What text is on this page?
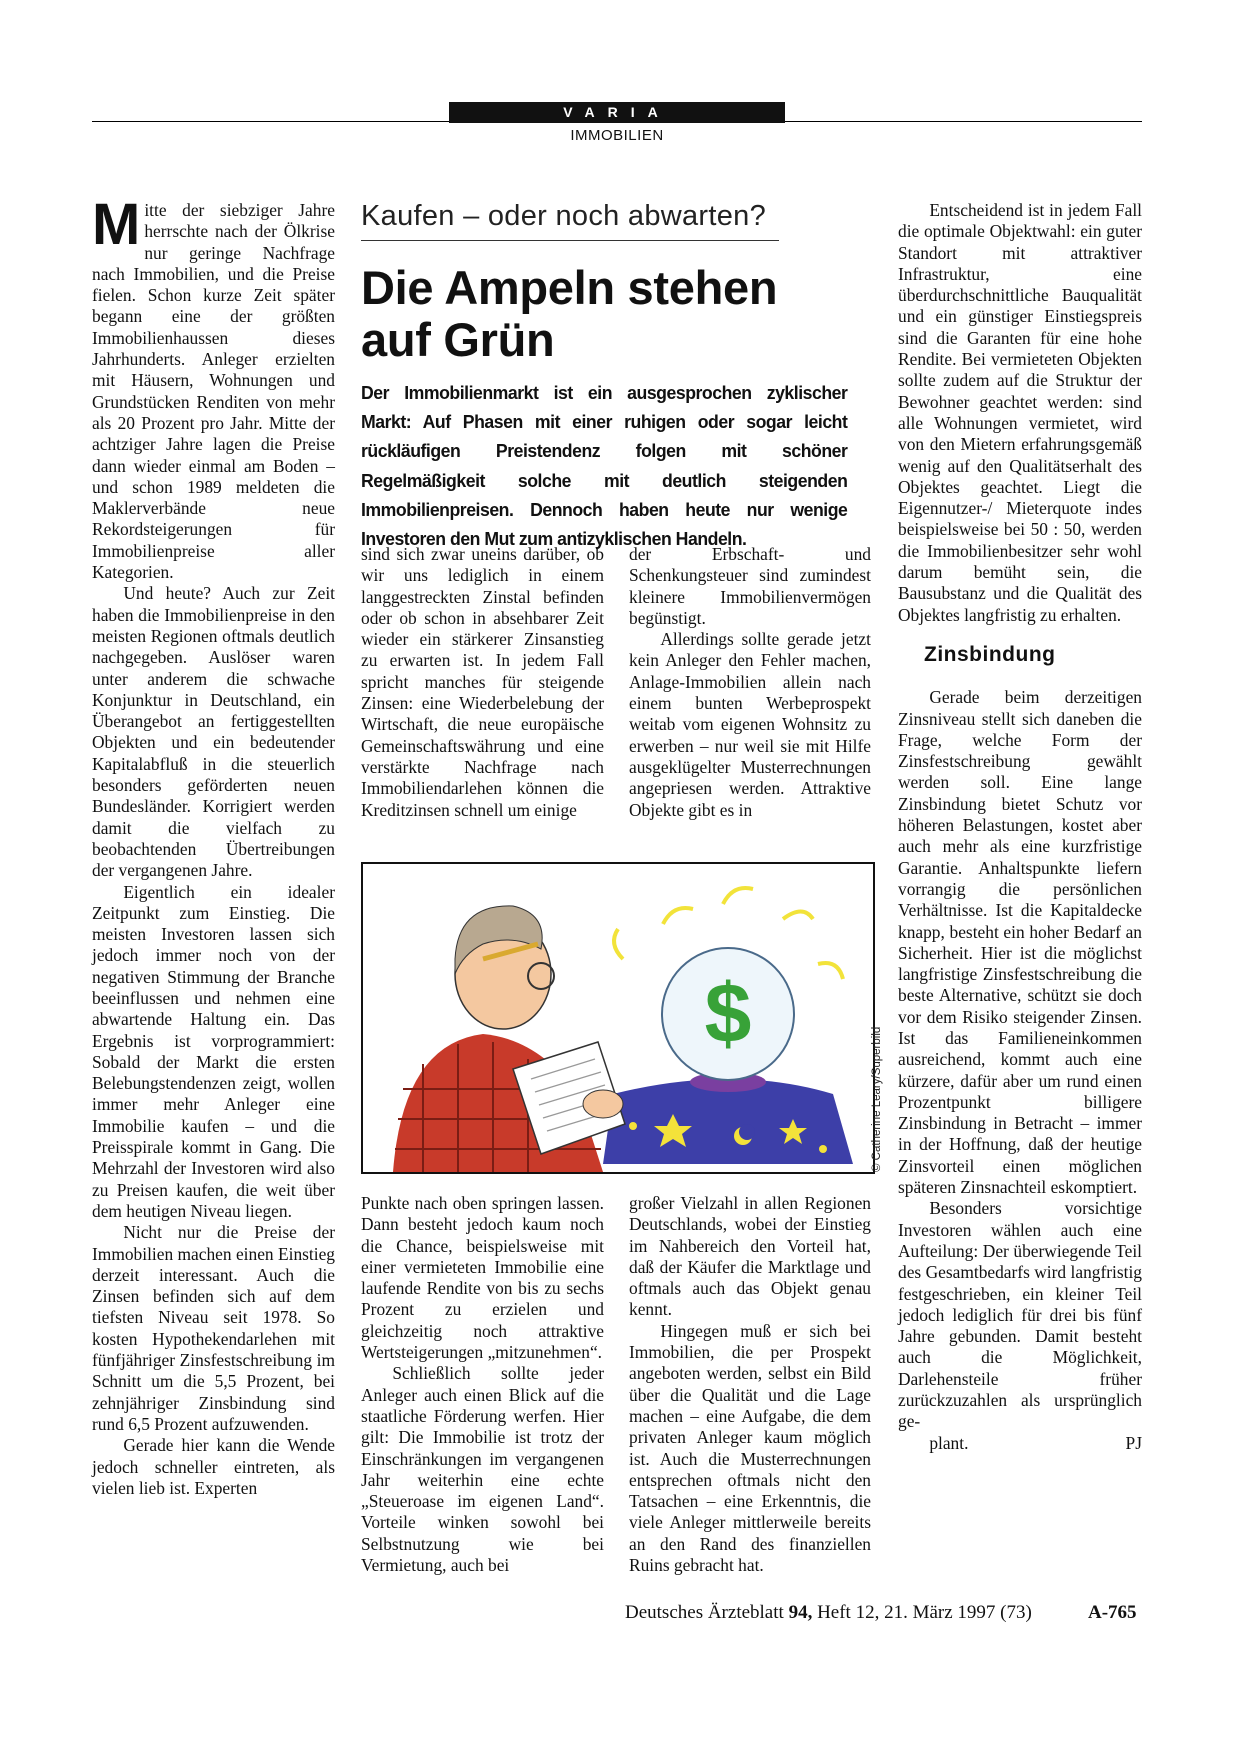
VARIA
IMMOBILIEN

Mitte der siebziger Jahre herrschte nach der Ölkrise nur geringe Nachfrage nach Immobilien, und die Preise fielen. Schon kurze Zeit später begann eine der größten Immobilienhaussen dieses Jahrhunderts. Anleger erzielten mit Häusern, Wohnungen und Grundstücken Renditen von mehr als 20 Prozent pro Jahr. Mitte der achtziger Jahre lagen die Preise dann wieder einmal am Boden – und schon 1989 meldeten die Maklerverbände neue Rekordsteigerungen für Immobilienpreise aller Kategorien.

Und heute? Auch zur Zeit haben die Immobilienpreise in den meisten Regionen oftmals deutlich nachgegeben. Auslöser waren unter anderem die schwache Konjunktur in Deutschland, ein Überangebot an fertiggestellten Objekten und ein bedeutender Kapitalabfluß in die steuerlich besonders geförderten neuen Bundesländer. Korrigiert werden damit die vielfach zu beobachtenden Übertreibungen der vergangenen Jahre.

Eigentlich ein idealer Zeitpunkt zum Einstieg. Die meisten Investoren lassen sich jedoch immer noch von der negativen Stimmung der Branche beeinflussen und nehmen eine abwartende Haltung ein. Das Ergebnis ist vorprogrammiert: Sobald der Markt die ersten Belebungstendenzen zeigt, wollen immer mehr Anleger eine Immobilie kaufen – und die Preisspirale kommt in Gang. Die Mehrzahl der Investoren wird also zu Preisen kaufen, die weit über dem heutigen Niveau liegen.

Nicht nur die Preise der Immobilien machen einen Einstieg derzeit interessant. Auch die Zinsen befinden sich auf dem tiefsten Niveau seit 1978. So kosten Hypothekendarlehen mit fünfjähriger Zinsfestschreibung im Schnitt um die 5,5 Prozent, bei zehnjähriger Zinsbindung sind rund 6,5 Prozent aufzuwenden.

Gerade hier kann die Wende jedoch schneller eintreten, als vielen lieb ist. Experten

Kaufen – oder noch abwarten?
Die Ampeln stehen
auf Grün
Der Immobilienmarkt ist ein ausgesprochen zyklischer Markt: Auf Phasen mit einer ruhigen oder sogar leicht rückläufigen Preistendenz folgen mit schöner Regelmäßigkeit solche mit deutlich steigenden Immobilienpreisen. Dennoch haben heute nur wenige Investoren den Mut zum antizyklischen Handeln.

sind sich zwar uneins darüber, ob wir uns lediglich in einem langgestreckten Zinstal befinden oder ob schon in absehbarer Zeit wieder ein stärkerer Zinsanstieg zu erwarten ist. In jedem Fall spricht manches für steigende Zinsen: eine Wiederbelebung der Wirtschaft, die neue europäische Gemeinschaftswährung und eine verstärkte Nachfrage nach Immobiliendarlehen können die Kreditzinsen schnell um einige

der Erbschaft- und Schenkungsteuer sind zumindest kleinere Immobilienvermögen begünstigt.

Allerdings sollte gerade jetzt kein Anleger den Fehler machen, Anlage-Immobilien allein nach einem bunten Werbeprospekt weitab vom eigenen Wohnsitz zu erwerben – nur weil sie mit Hilfe ausgeklügelter Musterrechnungen angepriesen werden. Attraktive Objekte gibt es in

$
© Catherine Leary/Superbild

Punkte nach oben springen lassen. Dann besteht jedoch kaum noch die Chance, beispielsweise mit einer vermieteten Immobilie eine laufende Rendite von bis zu sechs Prozent zu erzielen und gleichzeitig noch attraktive Wertsteigerungen „mitzunehmen“.

Schließlich sollte jeder Anleger auch einen Blick auf die staatliche Förderung werfen. Hier gilt: Die Immobilie ist trotz der Einschränkungen im vergangenen Jahr weiterhin eine echte „Steueroase im eigenen Land“. Vorteile winken sowohl bei Selbstnutzung wie bei Vermietung, auch bei

großer Vielzahl in allen Regionen Deutschlands, wobei der Einstieg im Nahbereich den Vorteil hat, daß der Käufer die Marktlage und oftmals auch das Objekt genau kennt.

Hingegen muß er sich bei Immobilien, die per Prospekt angeboten werden, selbst ein Bild über die Qualität und die Lage machen – eine Aufgabe, die dem privaten Anleger kaum möglich ist. Auch die Musterrechnungen entsprechen oftmals nicht den Tatsachen – eine Erkenntnis, die viele Anleger mittlerweile bereits an den Rand des finanziellen Ruins gebracht hat.

Entscheidend ist in jedem Fall die optimale Objektwahl: ein guter Standort mit attraktiver Infrastruktur, eine überdurchschnittliche Bauqualität und ein günstiger Einstiegspreis sind die Garanten für eine hohe Rendite. Bei vermieteten Objekten sollte zudem auf die Struktur der Bewohner geachtet werden: sind alle Wohnungen vermietet, wird von den Mietern erfahrungsgemäß wenig auf den Qualitätserhalt des Objektes geachtet. Liegt die Eigennutzer-/ Mieterquote indes beispielsweise bei 50 : 50, werden die Immobilienbesitzer sehr wohl darum bemüht sein, die Bausubstanz und die Qualität des Objektes langfristig zu erhalten.

Zinsbindung

Gerade beim derzeitigen Zinsniveau stellt sich daneben die Frage, welche Form der Zinsfestschreibung gewählt werden soll. Eine lange Zinsbindung bietet Schutz vor höheren Belastungen, kostet aber auch mehr als eine kurzfristige Garantie. Anhaltspunkte liefern vorrangig die persönlichen Verhältnisse. Ist die Kapitaldecke knapp, besteht ein hoher Bedarf an Sicherheit. Hier ist die möglichst langfristige Zinsfestschreibung die beste Alternative, schützt sie doch vor dem Risiko steigender Zinsen. Ist das Familieneinkommen ausreichend, kommt auch eine kürzere, dafür aber um rund einen Prozentpunkt billigere Zinsbindung in Betracht – immer in der Hoffnung, daß der heutige Zinsvorteil einen möglichen späteren Zinsnachteil eskomptiert.

Besonders vorsichtige Investoren wählen auch eine Aufteilung: Der überwiegende Teil des Gesamtbedarfs wird langfristig festgeschrieben, ein kleiner Teil jedoch lediglich für drei bis fünf Jahre gebunden. Damit besteht auch die Möglichkeit, Darlehensteile früher zurückzuzahlen als ursprünglich ge-

plant.	PJ
Deutsches Ärzteblatt 94, Heft 12, 21. März 1997 (73)	A-765
